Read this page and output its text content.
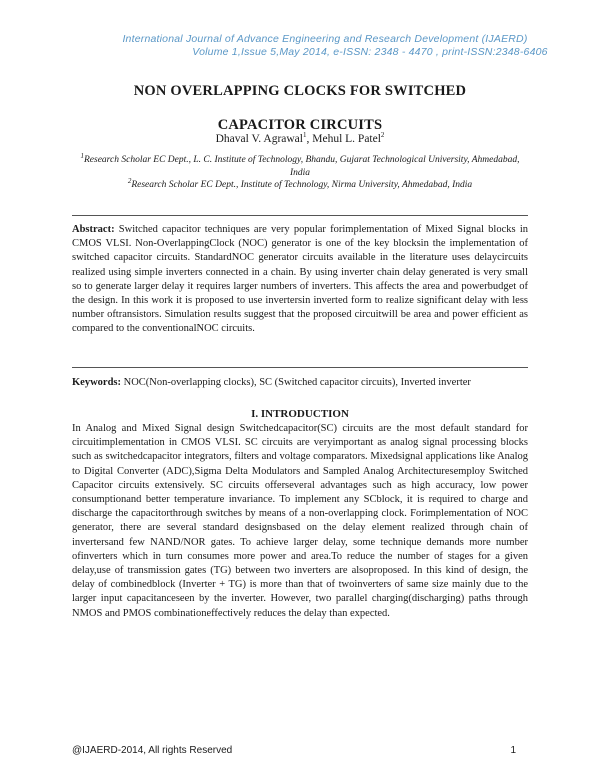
International Journal of Advance Engineering and Research Development (IJAERD)
Volume 1,Issue 5,May 2014, e-ISSN: 2348 - 4470 , print-ISSN:2348-6406
NON OVERLAPPING CLOCKS FOR SWITCHED
CAPACITOR CIRCUITS
Dhaval V. Agrawal$^1$, Mehul L. Patel$^2$
$^1$Research Scholar EC Dept., L. C. Institute of Technology, Bhandu, Gujarat Technological University, Ahmedabad, India
$^2$Research Scholar EC Dept., Institute of Technology, Nirma University, Ahmedabad, India
Abstract: Switched capacitor techniques are very popular forimplementation of Mixed Signal blocks in CMOS VLSI. Non-OverlappingClock (NOC) generator is one of the key blocksin the implementation of switched capacitor circuits. StandardNOC generator circuits available in the literature uses delaycircuits realized using simple inverters connected in a chain. By using inverter chain delay generated is very small so to generate larger delay it requires larger numbers of inverters. This affects the area and powerbudget of the design. In this work it is proposed to use invertersin inverted form to realize significant delay with less number oftransistors. Simulation results suggest that the proposed circuitwill be area and power efficient as compared to the conventionalNOC circuits.
Keywords: NOC(Non-overlapping clocks), SC (Switched capacitor circuits), Inverted inverter
I. INTRODUCTION
In Analog and Mixed Signal design Switchedcapacitor(SC) circuits are the most default standard for circuitimplementation in CMOS VLSI. SC circuits are veryimportant as analog signal processing blocks such as switchedcapacitor integrators, filters and voltage comparators. Mixedsignal applications like Analog to Digital Converter (ADC),Sigma Delta Modulators and Sampled Analog Architecturesemploy Switched Capacitor circuits extensively. SC circuits offerseveral advantages such as high accuracy, low power consumptionand better temperature invariance. To implement any SCblock, it is required to charge and discharge the capacitorthrough switches by means of a non-overlapping clock. Forimplementation of NOC generator, there are several standard designsbased on the delay element realized through chain of invertersand few NAND/NOR gates. To achieve larger delay, some technique demands more number ofinverters which in turn consumes more power and area.To reduce the number of stages for a given delay,use of transmission gates (TG) between two inverters are alsoproposed. In this kind of design, the delay of combinedblock (Inverter + TG) is more than that of twoinverters of same size mainly due to the larger input capacitanceseen by the inverter. However, two parallel charging(discharging) paths through NMOS and PMOS combinationeffectively reduces the delay than expected.
@IJAERD-2014, All rights Reserved	1
